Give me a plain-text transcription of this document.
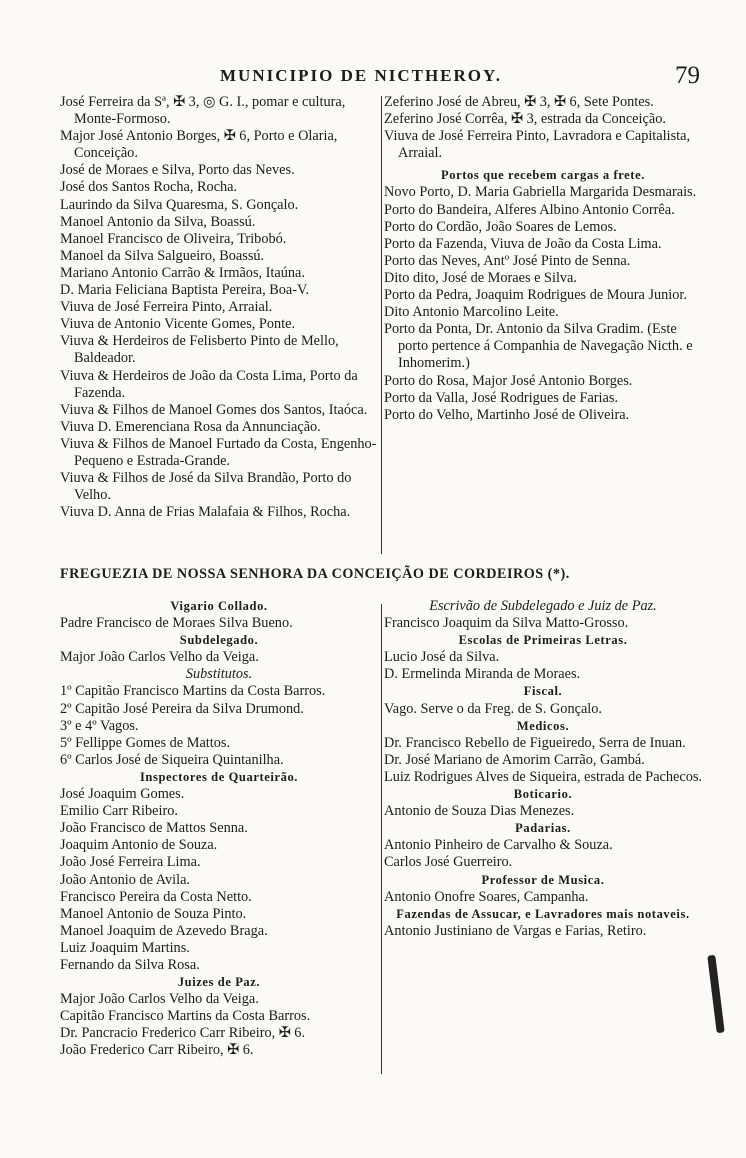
MUNICIPIO DE NICTHEROY.	79
José Ferreira da Sª, ✠ 3, ◎ G. I., pomar e cultura, Monte-Formoso.
Major José Antonio Borges, ✠ 6, Porto e Olaria, Conceição.
José de Moraes e Silva, Porto das Neves.
José dos Santos Rocha, Rocha.
Laurindo da Silva Quaresma, S. Gonçalo.
Manoel Antonio da Silva, Boassú.
Manoel Francisco de Oliveira, Tribobó.
Manoel da Silva Salgueiro, Boassú.
Mariano Antonio Carrão & Irmãos, Itaúna.
D. Maria Feliciana Baptista Pereira, Boa-V.
Viuva de José Ferreira Pinto, Arraial.
Viuva de Antonio Vicente Gomes, Ponte.
Viuva & Herdeiros de Felisberto Pinto de Mello, Baldeador.
Viuva & Herdeiros de João da Costa Lima, Porto da Fazenda.
Viuva & Filhos de Manoel Gomes dos Santos, Itaóca.
Viuva D. Emerenciana Rosa da Annunciação.
Viuva & Filhos de Manoel Furtado da Costa, Engenho-Pequeno e Estrada-Grande.
Viuva & Filhos de José da Silva Brandão, Porto do Velho.
Viuva D. Anna de Frias Malafaia & Filhos, Rocha.
Zeferino José de Abreu, ✠ 3, ✠ 6, Sete Pontes.
Zeferino José Corrêa, ✠ 3, estrada da Conceição.
Viuva de José Ferreira Pinto, Lavradora e Capitalista, Arraial.
Portos que recebem cargas a frete.
Novo Porto, D. Maria Gabriella Margarida Desmarais.
Porto do Bandeira, Alferes Albino Antonio Corrêa.
Porto do Cordão, João Soares de Lemos.
Porto da Fazenda, Viuva de João da Costa Lima.
Porto das Neves, Antº José Pinto de Senna.
Dito dito, José de Moraes e Silva.
Porto da Pedra, Joaquim Rodrigues de Moura Junior.
Dito Antonio Marcolino Leite.
Porto da Ponta, Dr. Antonio da Silva Gradim. (Este porto pertence á Companhia de Navegação Nicth. e Inhomerim.)
Porto do Rosa, Major José Antonio Borges.
Porto da Valla, José Rodrigues de Farias.
Porto do Velho, Martinho José de Oliveira.
FREGUEZIA DE NOSSA SENHORA DA CONCEIÇÃO DE CORDEIROS (*).
Vigario Collado.
Padre Francisco de Moraes Silva Bueno.
Subdelegado.
Major João Carlos Velho da Veiga.
Substitutos.
1º Capitão Francisco Martins da Costa Barros.
2º Capitão José Pereira da Silva Drumond.
3º e 4º Vagos.
5º Fellippe Gomes de Mattos.
6º Carlos José de Siqueira Quintanilha.
Inspectores de Quarteirão.
José Joaquim Gomes.
Emilio Carr Ribeiro.
João Francisco de Mattos Senna.
Joaquim Antonio de Souza.
João José Ferreira Lima.
João Antonio de Avila.
Francisco Pereira da Costa Netto.
Manoel Antonio de Souza Pinto.
Manoel Joaquim de Azevedo Braga.
Luiz Joaquim Martins.
Fernando da Silva Rosa.
Juizes de Paz.
Major João Carlos Velho da Veiga.
Capitão Francisco Martins da Costa Barros.
Dr. Pancracio Frederico Carr Ribeiro, ✠ 6.
João Frederico Carr Ribeiro, ✠ 6.
Escrivão de Subdelegado e Juiz de Paz.
Francisco Joaquim da Silva Matto-Grosso.
Escolas de Primeiras Letras.
Lucio José da Silva.
D. Ermelinda Miranda de Moraes.
Fiscal.
Vago. Serve o da Freg. de S. Gonçalo.
Medicos.
Dr. Francisco Rebello de Figueiredo, Serra de Inuan.
Dr. José Mariano de Amorim Carrão, Gambá.
Luiz Rodrigues Alves de Siqueira, estrada de Pachecos.
Boticario.
Antonio de Souza Dias Menezes.
Padarias.
Antonio Pinheiro de Carvalho & Souza.
Carlos José Guerreiro.
Professor de Musica.
Antonio Onofre Soares, Campanha.
Fazendas de Assucar, e Lavradores mais notaveis.
Antonio Justiniano de Vargas e Farias, Retiro.
